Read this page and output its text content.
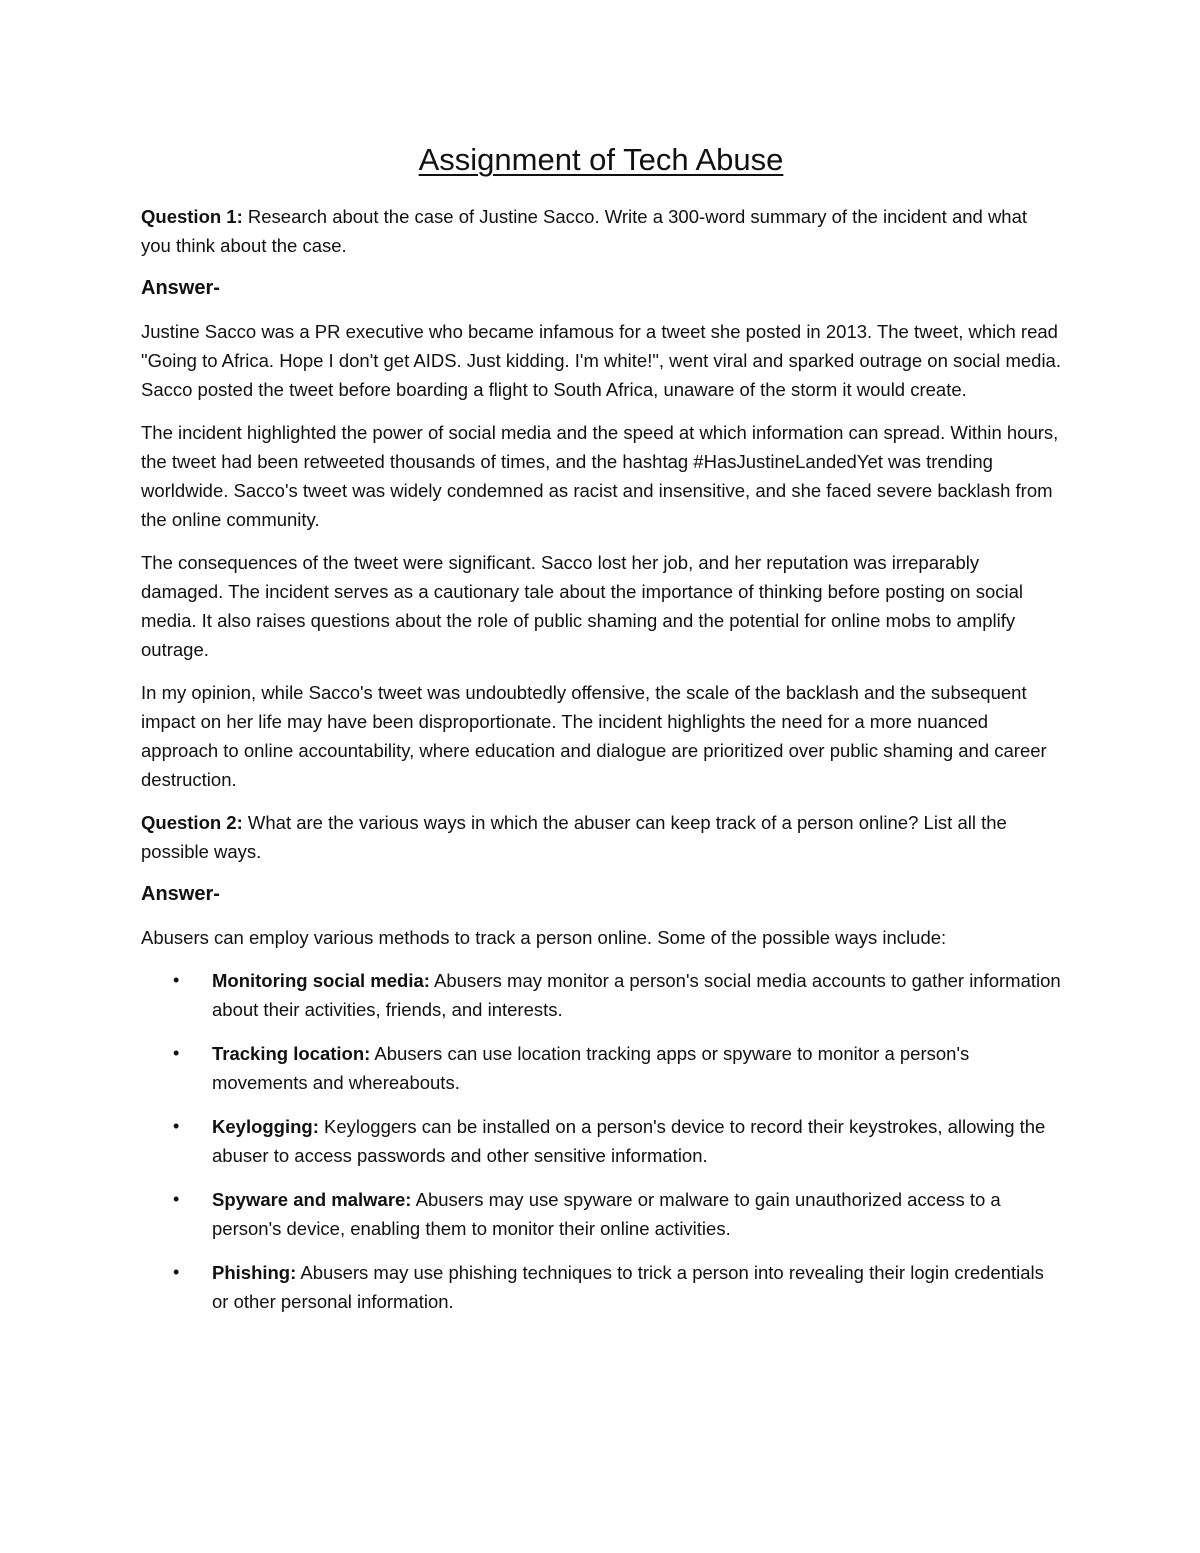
Assignment of Tech Abuse

Question 1: Research about the case of Justine Sacco. Write a 300-word summary of the incident and what you think about the case.

Answer-

Justine Sacco was a PR executive who became infamous for a tweet she posted in 2013. The tweet, which read "Going to Africa. Hope I don't get AIDS. Just kidding. I'm white!", went viral and sparked outrage on social media. Sacco posted the tweet before boarding a flight to South Africa, unaware of the storm it would create.

The incident highlighted the power of social media and the speed at which information can spread. Within hours, the tweet had been retweeted thousands of times, and the hashtag #HasJustineLandedYet was trending worldwide. Sacco's tweet was widely condemned as racist and insensitive, and she faced severe backlash from the online community.

The consequences of the tweet were significant. Sacco lost her job, and her reputation was irreparably damaged. The incident serves as a cautionary tale about the importance of thinking before posting on social media. It also raises questions about the role of public shaming and the potential for online mobs to amplify outrage.

In my opinion, while Sacco's tweet was undoubtedly offensive, the scale of the backlash and the subsequent impact on her life may have been disproportionate. The incident highlights the need for a more nuanced approach to online accountability, where education and dialogue are prioritized over public shaming and career destruction.

Question 2: What are the various ways in which the abuser can keep track of a person online? List all the possible ways.

Answer-

Abusers can employ various methods to track a person online. Some of the possible ways include:

• Monitoring social media: Abusers may monitor a person's social media accounts to gather information about their activities, friends, and interests.
• Tracking location: Abusers can use location tracking apps or spyware to monitor a person's movements and whereabouts.
• Keylogging: Keyloggers can be installed on a person's device to record their keystrokes, allowing the abuser to access passwords and other sensitive information.
• Spyware and malware: Abusers may use spyware or malware to gain unauthorized access to a person's device, enabling them to monitor their online activities.
• Phishing: Abusers may use phishing techniques to trick a person into revealing their login credentials or other personal information.
